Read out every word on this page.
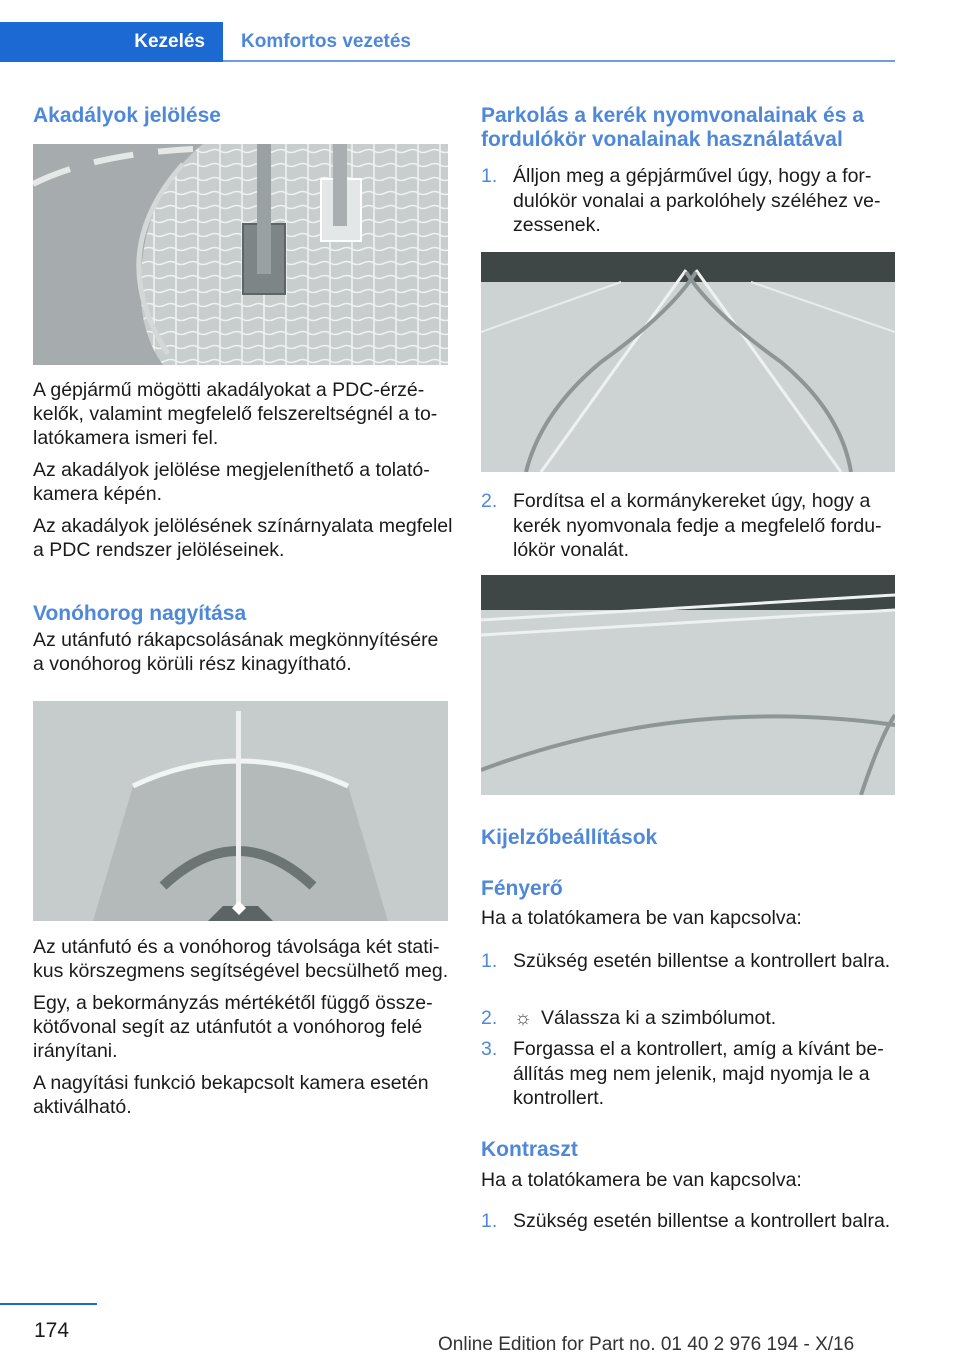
Kezelés	Komfortos vezetés
Akadályok jelölése

A gépjármű mögötti akadályokat a PDC-érzékelők, valamint megfelelő felszereltségnél a tolatókamera ismeri fel.

Az akadályok jelölése megjeleníthető a tolatókamera képén.

Az akadályok jelölésének színárnyalata megfelel a PDC rendszer jelöléseinek.

Vonóhorog nagyítása

Az utánfutó rákapcsolásának megkönnyítésére a vonóhorog körüli rész kinagyítható.

Az utánfutó és a vonóhorog távolsága két statikus körszegmens segítségével becsülhető meg.

Egy, a bekormányzás mértékétől függő összekötővonal segít az utánfutót a vonóhorog felé irányítani.

A nagyítási funkció bekapcsolt kamera esetén aktiválható.

Parkolás a kerék nyomvonalainak és a fordulókör vonalainak használatával
1. Álljon meg a gépjárművel úgy, hogy a fordulókör vonalai a parkolóhely széléhez vezessenek.
2. Fordítsa el a kormánykereket úgy, hogy a kerék nyomvonala fedje a megfelelő fordulókör vonalát.
Kijelzőbeállítások
Fényerő
Ha a tolatókamera be van kapcsolva:
1. Szükség esetén billentse a kontrollert balra.
2. ☼ Válassza ki a szimbólumot.
3. Forgassa el a kontrollert, amíg a kívánt beállítás meg nem jelenik, majd nyomja le a kontrollert.
Kontraszt
Ha a tolatókamera be van kapcsolva:
1. Szükség esetén billentse a kontrollert balra.
174
Online Edition for Part no. 01 40 2 976 194 - X/16
